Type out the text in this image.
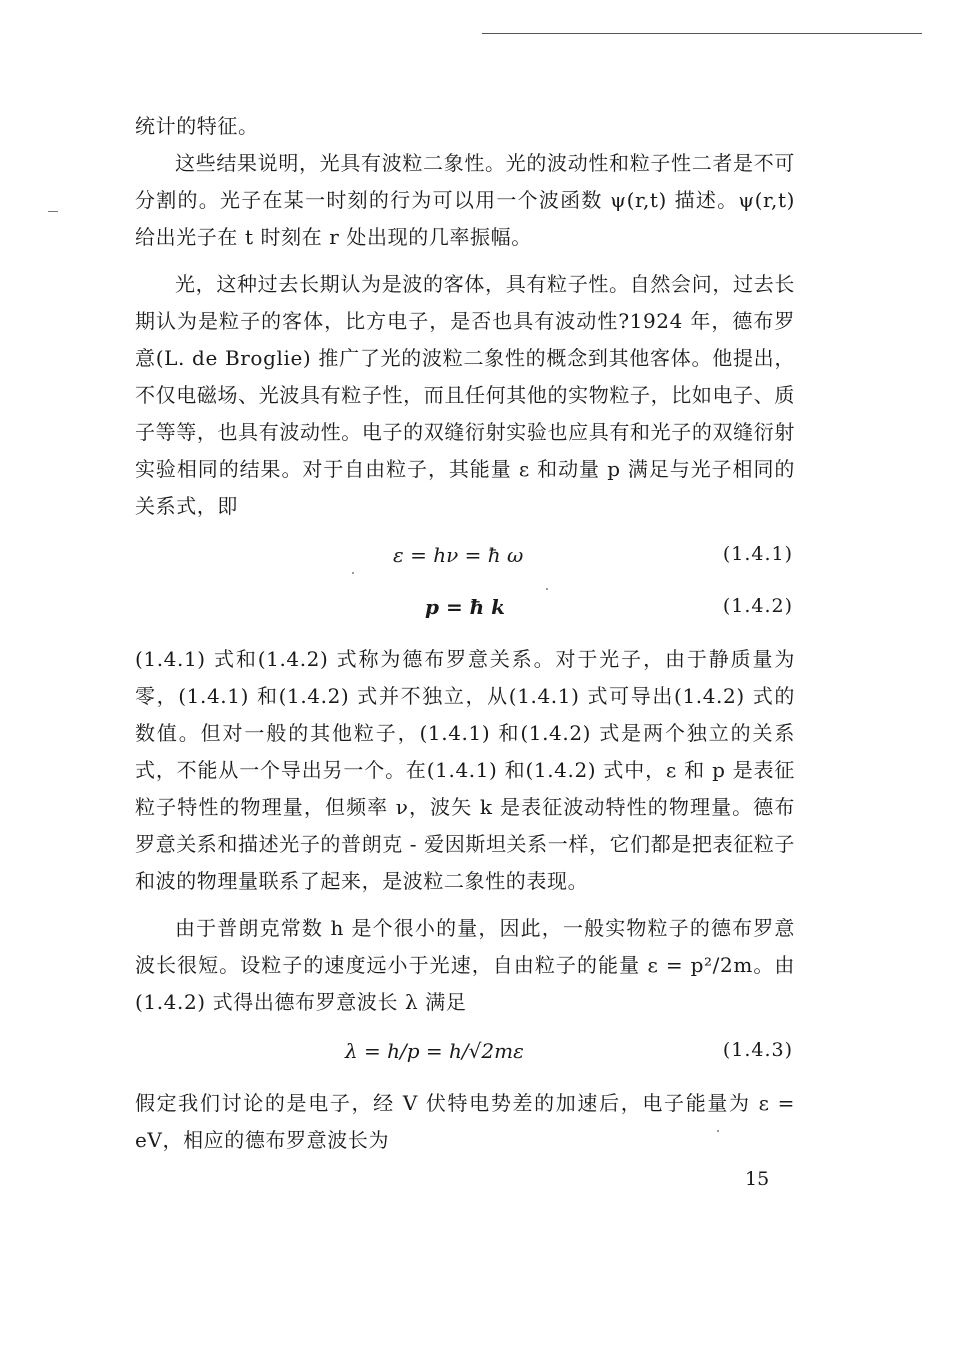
统计的特征。

这些结果说明，光具有波粒二象性。光的波动性和粒子性二者是不可分割的。光子在某一时刻的行为可以用一个波函数 ψ(r,t) 描述。ψ(r,t) 给出光子在 t 时刻在 r 处出现的几率振幅。

光，这种过去长期认为是波的客体，具有粒子性。自然会问，过去长期认为是粒子的客体，比方电子，是否也具有波动性?1924 年，德布罗意(L. de Broglie) 推广了光的波粒二象性的概念到其他客体。他提出，不仅电磁场、光波具有粒子性，而且任何其他的实物粒子，比如电子、质子等等，也具有波动性。电子的双缝衍射实验也应具有和光子的双缝衍射实验相同的结果。对于自由粒子，其能量 ε 和动量 p 满足与光子相同的关系式，即

ε = hν = ħ ω	(1.4.1)
p = ħ k	(1.4.2)

(1.4.1) 式和(1.4.2) 式称为德布罗意关系。对于光子，由于静质量为零，(1.4.1) 和(1.4.2) 式并不独立，从(1.4.1) 式可导出(1.4.2) 式的数值。但对一般的其他粒子，(1.4.1) 和(1.4.2) 式是两个独立的关系式，不能从一个导出另一个。在(1.4.1) 和(1.4.2) 式中，ε 和 p 是表征粒子特性的物理量，但频率 ν，波矢 k 是表征波动特性的物理量。德布罗意关系和描述光子的普朗克 - 爱因斯坦关系一样，它们都是把表征粒子和波的物理量联系了起来，是波粒二象性的表现。

由于普朗克常数 h 是个很小的量，因此，一般实物粒子的德布罗意波长很短。设粒子的速度远小于光速，自由粒子的能量 ε = p²/2m。由(1.4.2) 式得出德布罗意波长 λ 满足

λ = h/p = h/√2mε	(1.4.3)

假定我们讨论的是电子，经 V 伏特电势差的加速后，电子能量为 ε = eV，相应的德布罗意波长为

15
